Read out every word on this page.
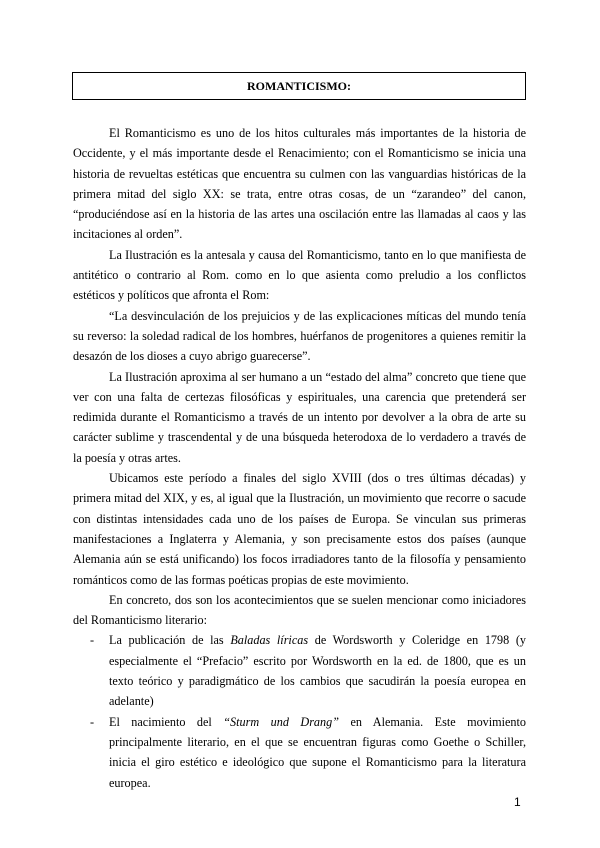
ROMANTICISMO:

El Romanticismo es uno de los hitos culturales más importantes de la historia de Occidente, y el más importante desde el Renacimiento; con el Romanticismo se inicia una historia de revueltas estéticas que encuentra su culmen con las vanguardias históricas de la primera mitad del siglo XX: se trata, entre otras cosas, de un “zarandeo” del canon, “produciéndose así en la historia de las artes una oscilación entre las llamadas al caos y las incitaciones al orden”.

La Ilustración es la antesala y causa del Romanticismo, tanto en lo que manifiesta de antitético o contrario al Rom. como en lo que asienta como preludio a los conflictos estéticos y políticos que afronta el Rom:

“La desvinculación de los prejuicios y de las explicaciones míticas del mundo tenía su reverso: la soledad radical de los hombres, huérfanos de progenitores a quienes remitir la desazón de los dioses a cuyo abrigo guarecerse”.

La Ilustración aproxima al ser humano a un “estado del alma” concreto que tiene que ver con una falta de certezas filosóficas y espirituales, una carencia que pretenderá ser redimida durante el Romanticismo a través de un intento por devolver a la obra de arte su carácter sublime y trascendental y de una búsqueda heterodoxa de lo verdadero a través de la poesía y otras artes.

Ubicamos este período a finales del siglo XVIII (dos o tres últimas décadas) y primera mitad del XIX, y es, al igual que la Ilustración, un movimiento que recorre o sacude con distintas intensidades cada uno de los países de Europa. Se vinculan sus primeras manifestaciones a Inglaterra y Alemania, y son precisamente estos dos países (aunque Alemania aún se está unificando) los focos irradiadores tanto de la filosofía y pensamiento románticos como de las formas poéticas propias de este movimiento.

En concreto, dos son los acontecimientos que se suelen mencionar como iniciadores del Romanticismo literario:

- La publicación de las Baladas líricas de Wordsworth y Coleridge en 1798 (y especialmente el “Prefacio” escrito por Wordsworth en la ed. de 1800, que es un texto teórico y paradigmático de los cambios que sacudirán la poesía europea en adelante)
- El nacimiento del “Sturm und Drang” en Alemania. Este movimiento principalmente literario, en el que se encuentran figuras como Goethe o Schiller, inicia el giro estético e ideológico que supone el Romanticismo para la literatura europea.
1
